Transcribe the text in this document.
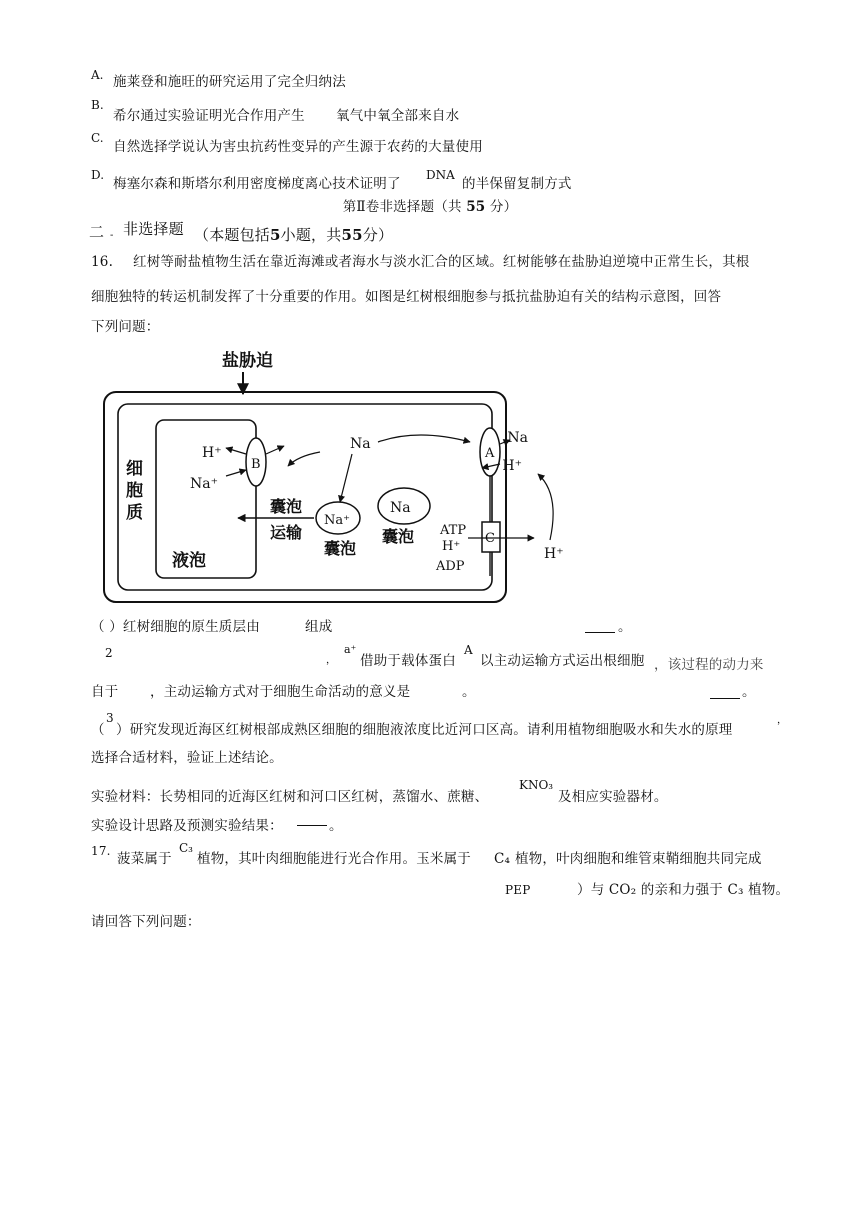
A. 施莱登和施旺的研究运用了完全归纳法
B.
希尔通过实验证明光合作用产生 氧气中氧全部来自水
C.
自然选择学说认为害虫抗药性变异的产生源于农药的大量使用
D.
梅塞尔森和斯塔尔利用密度梯度离心技术证明了
DNA
的半保留复制方式
第Ⅱ卷非选择题（共 55 分）
二 - 非选择题 （本题包括5小题，共55分）
16. 红树等耐盐植物生活在靠近海滩或者海水与淡水汇合的区域。红树能够在盐胁迫逆境中正常生长，其根
细胞独特的转运机制发挥了十分重要的作用。如图是红树根细胞参与抵抗盐胁迫有关的结构示意图，回答
下列问题：
盐胁迫
细
胞
质
液泡
B
H⁺
Na⁺
Na
Na⁺
囊泡
Na
囊泡
囊泡
运输
A
Na
H⁺
C
ATP
H⁺
ADP
H⁺
（ ）红树细胞的原生质层由	组成	。
2
，
a⁺
借助于载体蛋白
A
以主动运输方式运出根细胞 ，该过程的动力来
自于 ，主动运输方式对于细胞生命活动的意义是	。	。
（
3
）研究发现近海区红树根部成熟区细胞的细胞液浓度比近河口区高。请利用植物细胞吸水和失水的原理
，
选择合适材料，验证上述结论。
实验材料：长势相同的近海区红树和河口区红树，蒸馏水、蔗糖、
KNO₃
及相应实验器材。
实验设计思路及预测实验结果：	。
17. 菠菜属于
C₃
植物，其叶肉细胞能进行光合作用。玉米属于 C₄ 植物，叶肉细胞和维管束鞘细胞共同完成
PEP	）与 CO₂ 的亲和力强于 C₃ 植物。
请回答下列问题：
